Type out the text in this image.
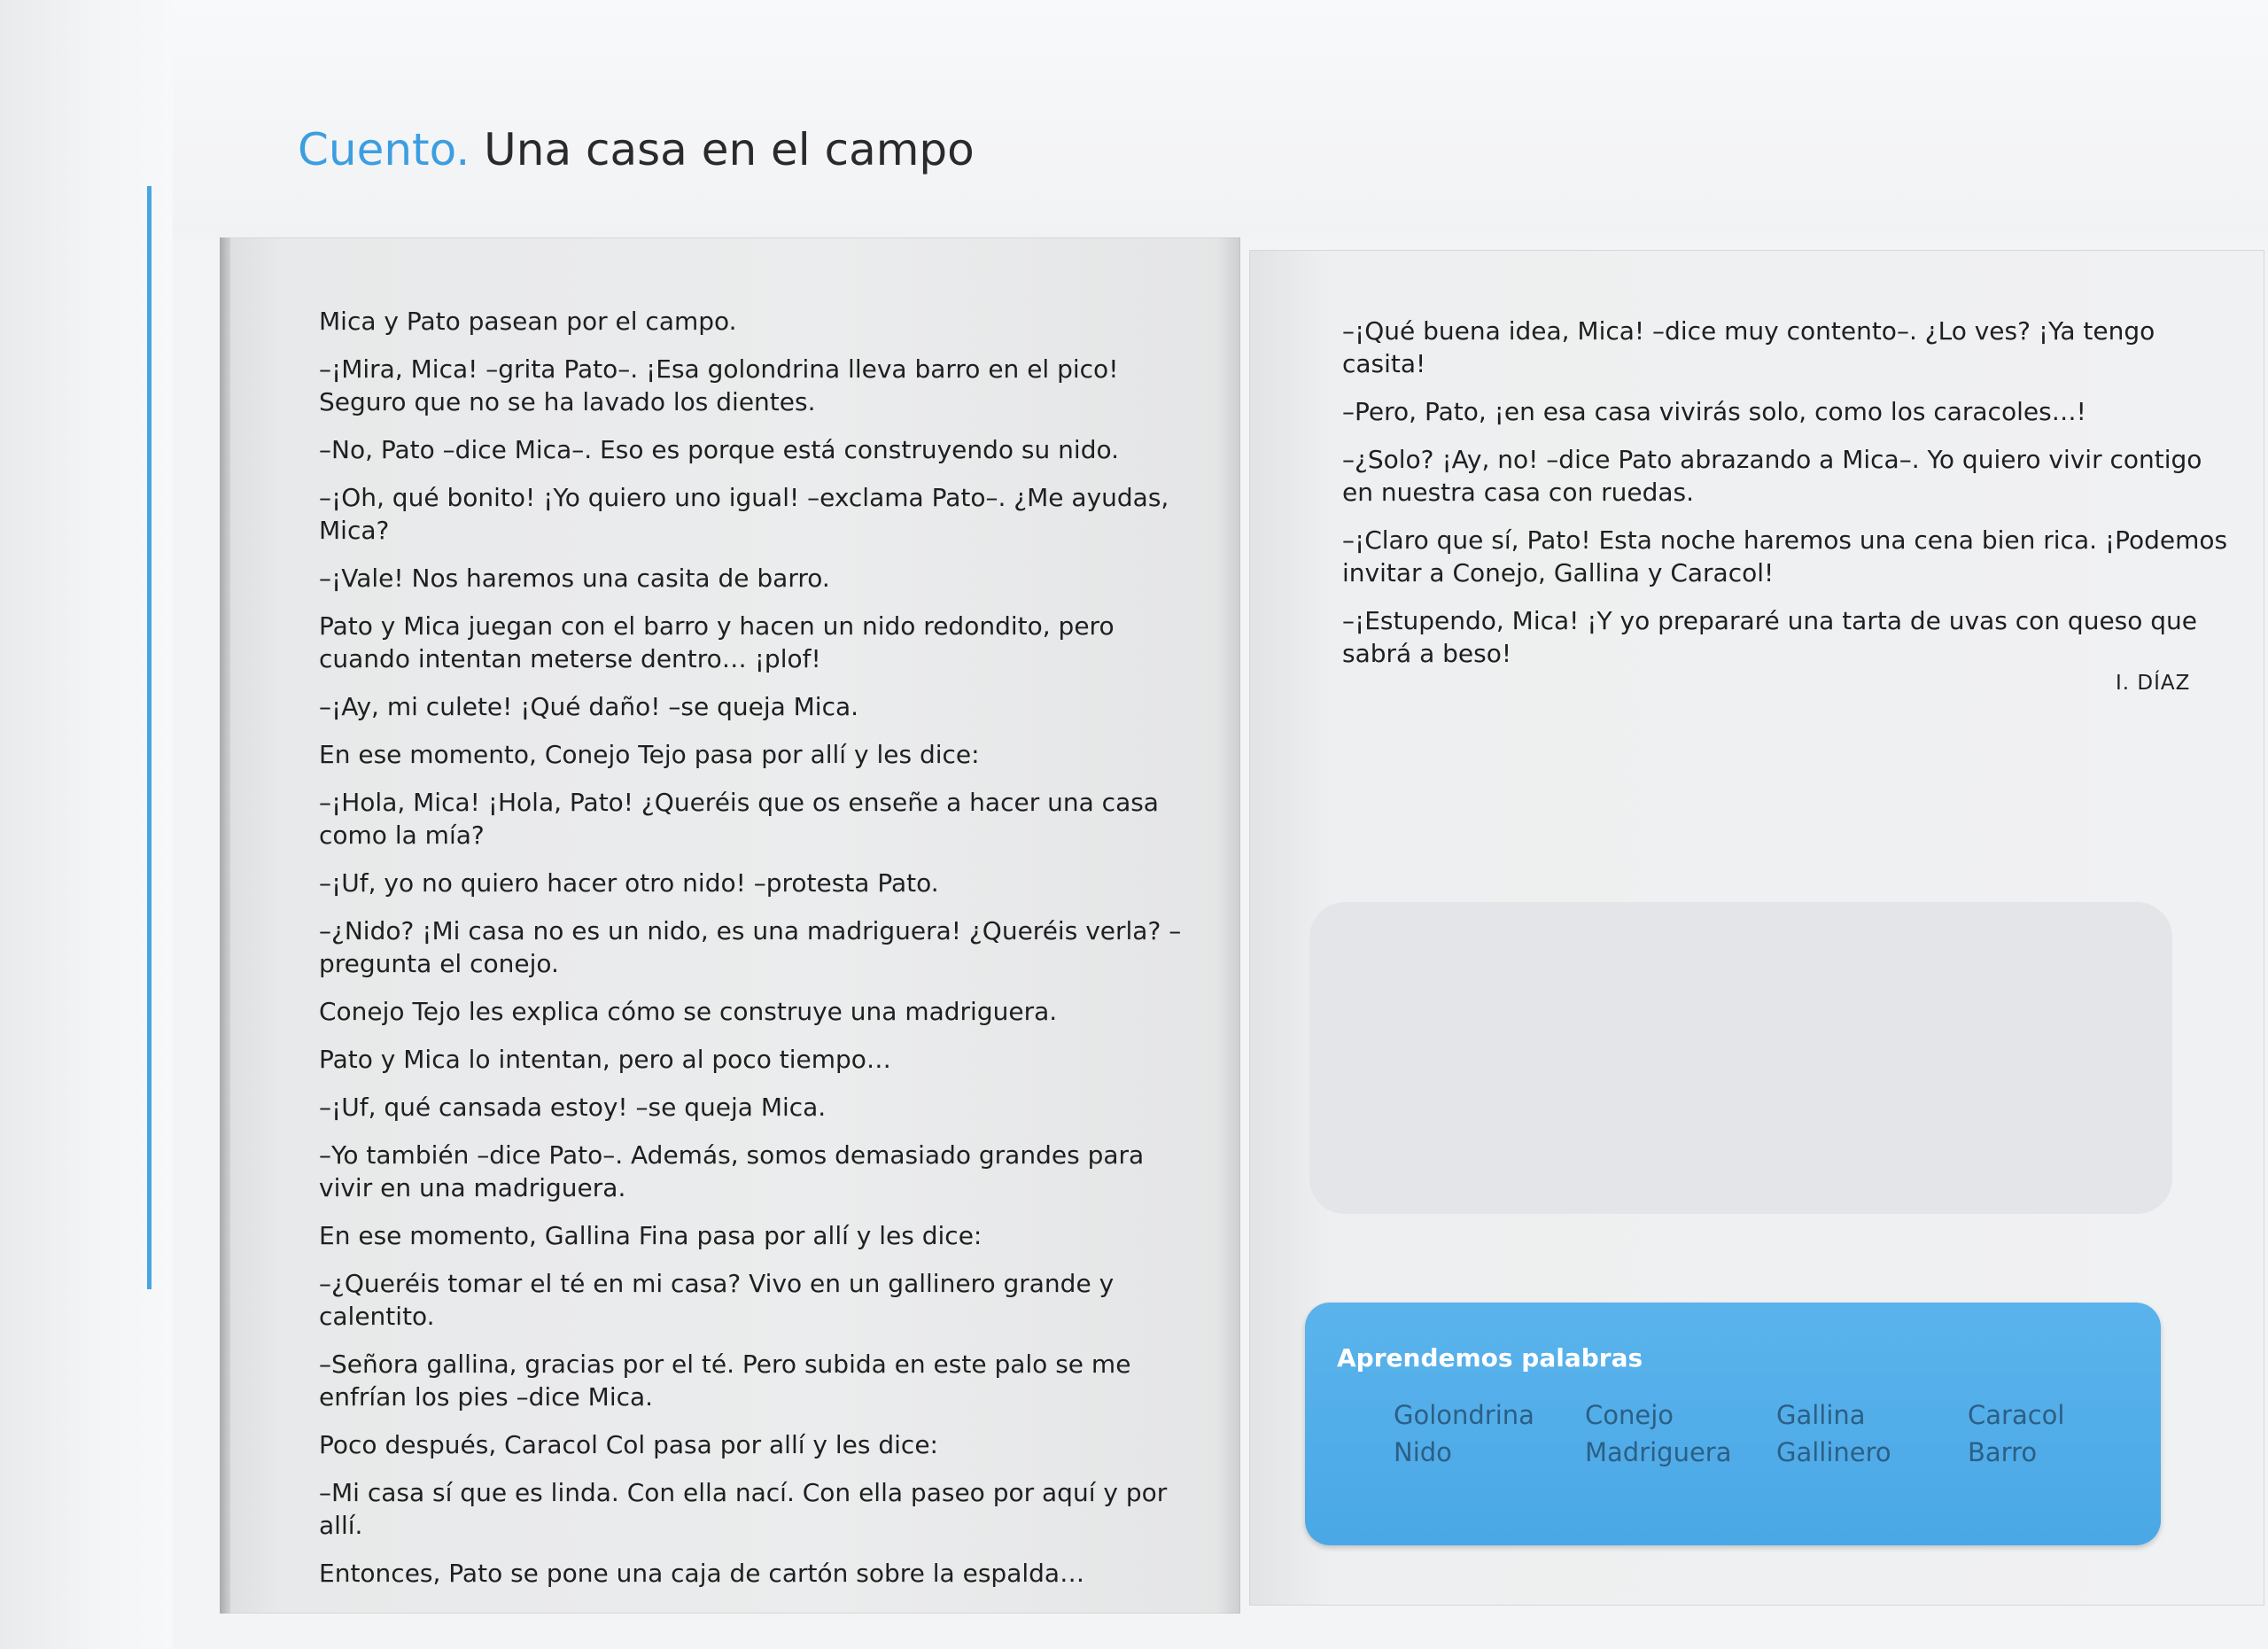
Cuento. Una casa en el campo

Mica y Pato pasean por el campo.

–¡Mira, Mica! –grita Pato–. ¡Esa golondrina lleva barro en el pico! Seguro que no se ha lavado los dientes.

–No, Pato –dice Mica–. Eso es porque está construyendo su nido.

–¡Oh, qué bonito! ¡Yo quiero uno igual! –exclama Pato–. ¿Me ayudas, Mica?

–¡Vale! Nos haremos una casita de barro.

Pato y Mica juegan con el barro y hacen un nido redondito, pero cuando intentan meterse dentro… ¡plof!

–¡Ay, mi culete! ¡Qué daño! –se queja Mica.

En ese momento, Conejo Tejo pasa por allí y les dice:

–¡Hola, Mica! ¡Hola, Pato! ¿Queréis que os enseñe a hacer una casa como la mía?

–¡Uf, yo no quiero hacer otro nido! –protesta Pato.

–¿Nido? ¡Mi casa no es un nido, es una madriguera! ¿Queréis verla? –pregunta el conejo.

Conejo Tejo les explica cómo se construye una madriguera.

Pato y Mica lo intentan, pero al poco tiempo…

–¡Uf, qué cansada estoy! –se queja Mica.

–Yo también –dice Pato–. Además, somos demasiado grandes para vivir en una madriguera.

En ese momento, Gallina Fina pasa por allí y les dice:

–¿Queréis tomar el té en mi casa? Vivo en un gallinero grande y calentito.

–Señora gallina, gracias por el té. Pero subida en este palo se me enfrían los pies –dice Mica.

Poco después, Caracol Col pasa por allí y les dice:

–Mi casa sí que es linda. Con ella nací. Con ella paseo por aquí y por allí.

Entonces, Pato se pone una caja de cartón sobre la espalda…

–¡Qué buena idea, Mica! –dice muy contento–. ¿Lo ves? ¡Ya tengo casita!

–Pero, Pato, ¡en esa casa vivirás solo, como los caracoles…!

–¿Solo? ¡Ay, no! –dice Pato abrazando a Mica–. Yo quiero vivir contigo en nuestra casa con ruedas.

–¡Claro que sí, Pato! Esta noche haremos una cena bien rica. ¡Podemos invitar a Conejo, Gallina y Caracol!

–¡Estupendo, Mica! ¡Y yo prepararé una tarta de uvas con queso que sabrá a beso!

I. DÍAZ
Aprendemos palabras
Golondrina
Nido
Conejo
Madriguera
Gallina
Gallinero
Caracol
Barro
